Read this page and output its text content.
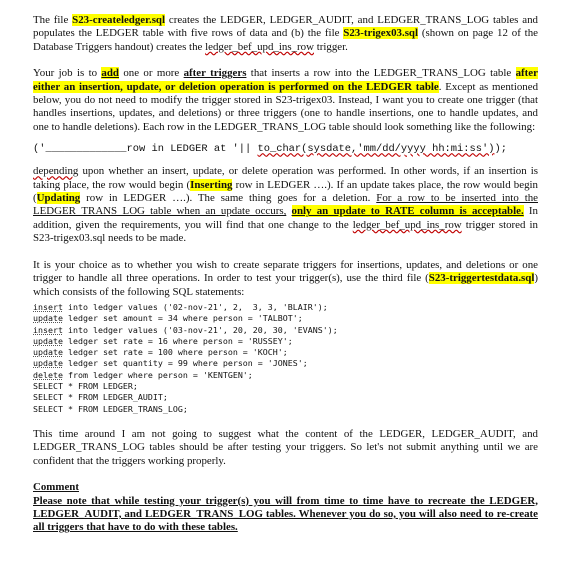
The file S23-createledger.sql creates the LEDGER, LEDGER_AUDIT, and LEDGER_TRANS_LOG tables and populates the LEDGER table with five rows of data and (b) the file S23-trigex03.sql (shown on page 12 of the Database Triggers handout) creates the ledger_bef_upd_ins_row trigger.

Your job is to add one or more after triggers that inserts a row into the LEDGER_TRANS_LOG table after either an insertion, update, or deletion operation is performed on the LEDGER table. Except as mentioned below, you do not need to modify the trigger stored in S23-trigex03. Instead, I want you to create one trigger (that handles insertions, updates, and deletions) or three triggers (one to handle insertions, one to handle updates, and one to handle deletions). Each row in the LEDGER_TRANS_LOG table should look something like the following:

('_____________row in LEDGER at '|| to_char(sysdate,'mm/dd/yyyy hh:mi:ss'));

depending upon whether an insert, update, or delete operation was performed. In other words, if an insertion is taking place, the row would begin (Inserting row in LEDGER ….). If an update takes place, the row would begin (Updating row in LEDGER ….). The same thing goes for a deletion. For a row to be inserted into the LEDGER_TRANS_LOG table when an update occurs, only an update to RATE column is acceptable. In addition, given the requirements, you will find that one change to the ledger_bef_upd_ins_row trigger stored in S23-trigex03.sql needs to be made.

It is your choice as to whether you wish to create separate triggers for insertions, updates, and deletions or one trigger to handle all three operations. In order to test your trigger(s), use the third file (S23-triggertestdata.sql) which consists of the following SQL statements:

insert into ledger values ('02-nov-21', 2,  3, 3, 'BLAIR');
update ledger set amount = 34 where person = 'TALBOT';
insert into ledger values ('03-nov-21', 20, 20, 30, 'EVANS');
update ledger set rate = 16 where person = 'RUSSEY';
update ledger set rate = 100 where person = 'KOCH';
update ledger set quantity = 99 where person = 'JONES';
delete from ledger where person = 'KENTGEN';
SELECT * FROM LEDGER;
SELECT * FROM LEDGER_AUDIT;
SELECT * FROM LEDGER_TRANS_LOG;

This time around I am not going to suggest what the content of the LEDGER, LEDGER_AUDIT, and LEDGER_TRANS_LOG tables should be after testing your triggers. So let's not submit anything until we are confident that the triggers working properly.

Comment

Please note that while testing your trigger(s) you will from time to time have to recreate the LEDGER, LEDGER_AUDIT, and LEDGER_TRANS_LOG tables. Whenever you do so, you will also need to re-create all triggers that have to do with these tables.
